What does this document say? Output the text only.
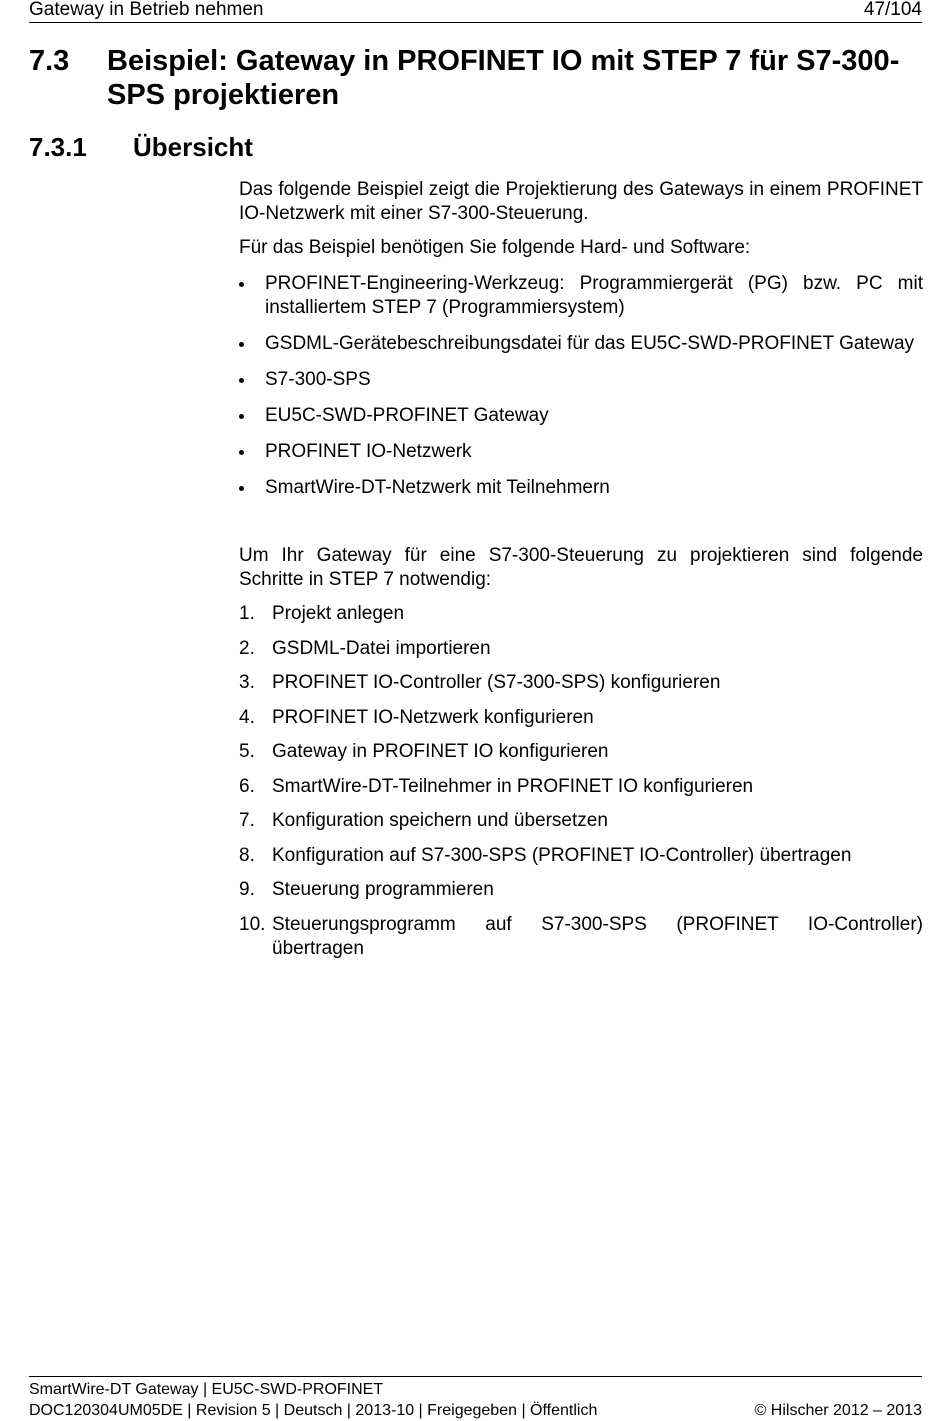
Gateway in Betrieb nehmen	47/104
7.3 Beispiel: Gateway in PROFINET IO mit STEP 7 für S7-300-SPS projektieren
7.3.1 Übersicht

Das folgende Beispiel zeigt die Projektierung des Gateways in einem PROFINET IO-Netzwerk mit einer S7-300-Steuerung.

Für das Beispiel benötigen Sie folgende Hard- und Software:

PROFINET-Engineering-Werkzeug: Programmiergerät (PG) bzw. PC mit installiertem STEP 7 (Programmiersystem)
GSDML-Gerätebeschreibungsdatei für das EU5C-SWD-PROFINET Gateway
S7-300-SPS
EU5C-SWD-PROFINET Gateway
PROFINET IO-Netzwerk
SmartWire-DT-Netzwerk mit Teilnehmern

Um Ihr Gateway für eine S7-300-Steuerung zu projektieren sind folgende Schritte in STEP 7 notwendig:

1. Projekt anlegen
2. GSDML-Datei importieren
3. PROFINET IO-Controller (S7-300-SPS) konfigurieren
4. PROFINET IO-Netzwerk konfigurieren
5. Gateway in PROFINET IO konfigurieren
6. SmartWire-DT-Teilnehmer in PROFINET IO konfigurieren
7. Konfiguration speichern und übersetzen
8. Konfiguration auf S7-300-SPS (PROFINET IO-Controller) übertragen
9. Steuerung programmieren
10. Steuerungsprogramm auf S7-300-SPS (PROFINET IO-Controller) übertragen
SmartWire-DT Gateway | EU5C-SWD-PROFINET
DOC120304UM05DE | Revision 5 | Deutsch | 2013-10 | Freigegeben | Öffentlich	© Hilscher 2012 – 2013
